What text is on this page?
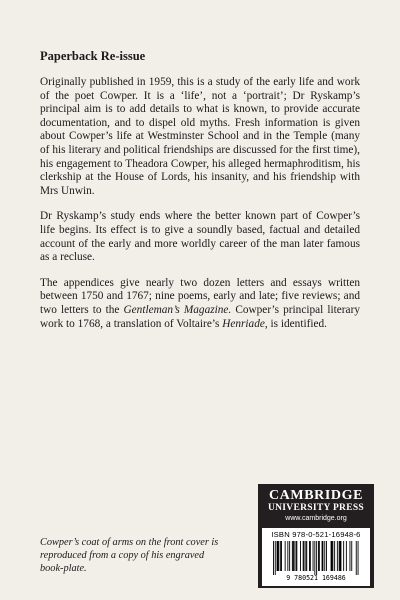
Paperback Re-issue

Originally published in 1959, this is a study of the early life and work of the poet Cowper. It is a ‘life’, not a ‘portrait’; Dr Ryskamp’s principal aim is to add details to what is known, to provide accurate documentation, and to dispel old myths. Fresh information is given about Cowper’s life at Westminster School and in the Temple (many of his literary and political friendships are discussed for the first time), his engagement to Theadora Cowper, his alleged hermaphroditism, his clerkship at the House of Lords, his insanity, and his friendship with Mrs Unwin.

Dr Ryskamp’s study ends where the better known part of Cowper’s life begins. Its effect is to give a soundly based, factual and detailed account of the early and more worldly career of the man later famous as a recluse.

The appendices give nearly two dozen letters and essays written between 1750 and 1767; nine poems, early and late; five reviews; and two letters to the Gentleman’s Magazine. Cowper’s principal literary work to 1768, a translation of Voltaire’s Henriade, is identified.

Cowper’s coat of arms on the front cover is reproduced from a copy of his engraved book-plate.
CAMBRIDGE
UNIVERSITY PRESS
www.cambridge.org
ISBN 978-0-521-16948-6
9 780521 169486
